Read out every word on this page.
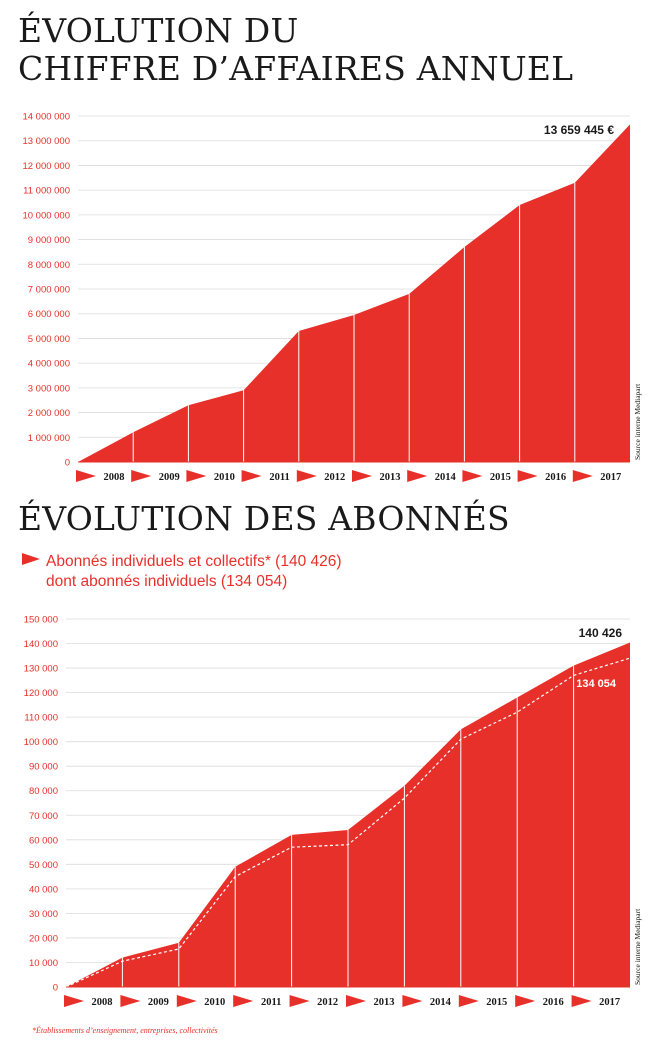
ÉVOLUTION DU
CHIFFRE D’AFFAIRES ANNUEL
0
1 000 000
2 000 000
3 000 000
4 000 000
5 000 000
6 000 000
7 000 000
8 000 000
9 000 000
10 000 000
11 000 000
12 000 000
13 000 000
14 000 000
2008	2009	2010	2011	2012	2013	2014	2015	2016	2017
Source interne Mediapart
13 659 445 €
ÉVOLUTION DES ABONNÉS
Abonnés individuels et collectifs* (140 426)
dont abonnés individuels (134 054)
0
10 000
20 000
30 000
40 000
50 000
60 000
70 000
80 000
90 000
100 000
110 000
120 000
130 000
140 000
150 000
2008	2009	2010	2011	2012	2013	2014	2015	2016	2017
Source interne Mediapart
140 426
134 054
*Établissements d’enseignement, entreprises, collectivités
